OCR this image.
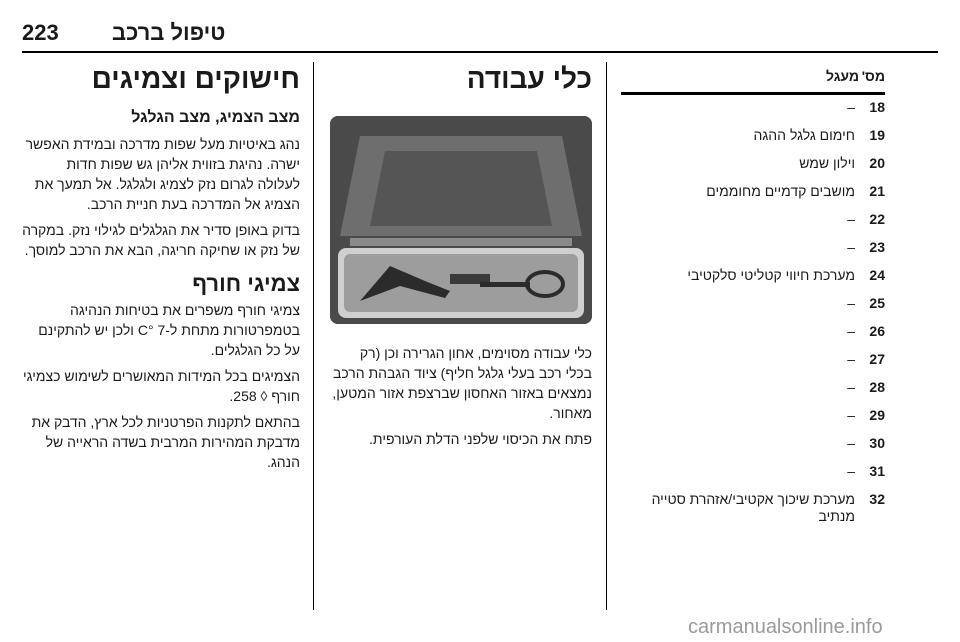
223 טיפול ברכב
מס' מעגל
18
–
19
חימום גלגל ההגה
20
וילון שמש
21
מושבים קדמיים מחוממים
22
–
23
–
24
מערכת חיווי קטליטי סלקטיבי
25
–
26
–
27
–
28
–
29
–
30
–
31
–
32
מערכת שיכוך אקטיבי/אזהרת סטייה מנתיב
כלי עבודה

כלי עבודה מסוימים, אחון הגרירה וכן (רק בכלי רכב בעלי גלגל חליף) ציוד הגבהת הרכב נמצאים באזור האחסון שברצפת אזור המטען, מאחור.

פתח את הכיסוי שלפני הדלת העורפית.

חישוקים וצמיגים
מצב הצמיג, מצב הגלגל

נהג באיטיות מעל שפות מדרכה ובמידת האפשר ישרה. נהיגת בזווית אליהן גש שפות חדות לעלולה לגרום נזק לצמיג ולגלגל. אל תמעך את הצמיג אל המדרכה בעת חניית הרכב.

בדוק באופן סדיר את הגלגלים לגילוי נזק. במקרה של נזק או שחיקה חריגה, הבא את הרכב למוסך.

צמיגי חורף

צמיגי חורף משפרים את בטיחות הנהיגה בטמפרטורות מתחת ל-7 °C ולכן יש להתקינם על כל הגלגלים.

הצמיגים בכל המידות המאושרים לשימוש כצמיגי חורף ◊ 258.

בהתאם לתקנות הפרטניות לכל ארץ, הדבק את מדבקת המהירות המרבית בשדה הראייה של הנהג.

carmanualsonline.info
